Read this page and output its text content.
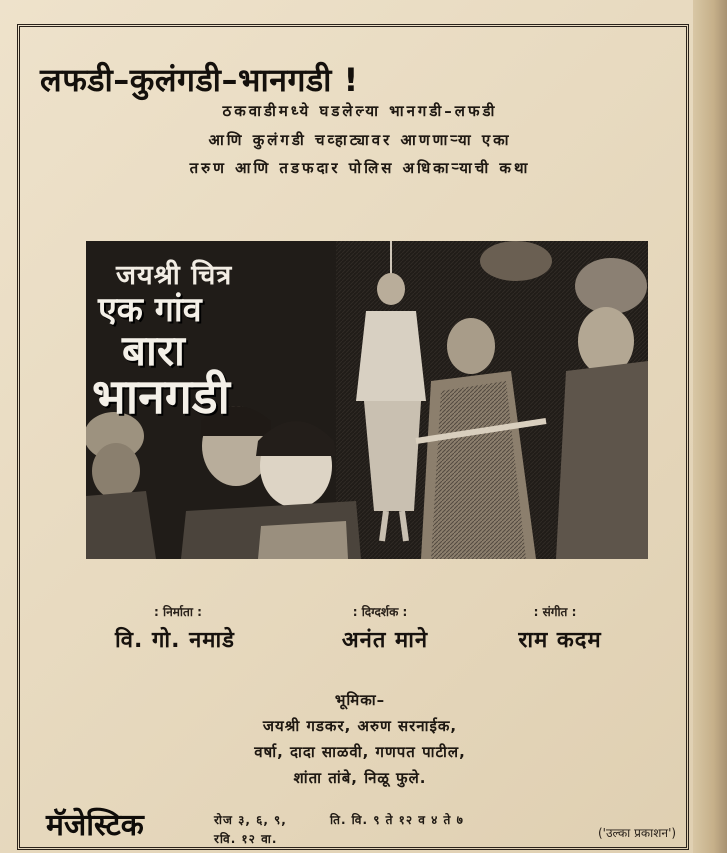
लफडी–कुलंगडी–भानगडी !
ठकवाडीमध्ये घडलेल्या भानगडी–लफडी
आणि कुलंगडी चव्हाट्यावर आणणाऱ्या एका
तरुण आणि तडफदार पोलिस अधिकाऱ्याची कथा
जयश्री चित्र
एक गांव
बारा
भानगडी
: निर्माता :
वि. गो. नमाडे
: दिग्दर्शक :
अनंत माने
: संगीत :
राम कदम
भूमिका–
जयश्री गडकर, अरुण सरनाईक,
वर्षा, दादा साळवी, गणपत पाटील,
शांता तांबे, निळू फुले.
मॅजेस्टिक	रोज ३, ६, ९,
रवि. १२ वा.
ति. वि. ९ ते १२ व ४ ते ७
('उल्का प्रकाशन')
